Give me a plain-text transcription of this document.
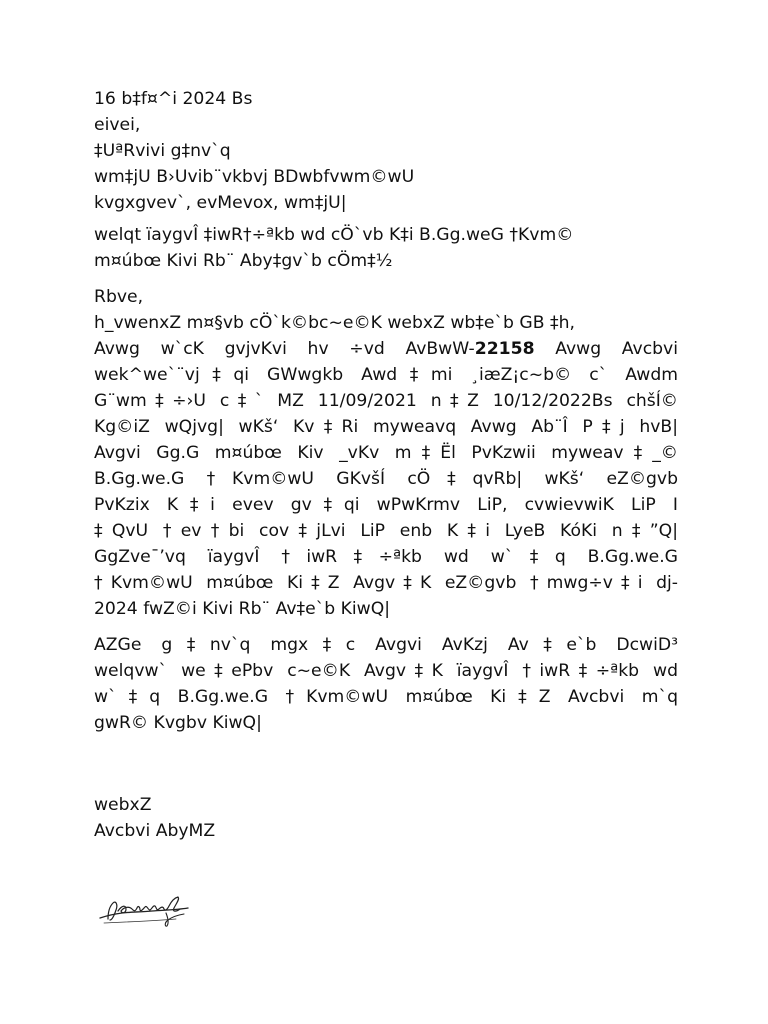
16 b‡f¤^i 2024 Bs
eivei,
‡UªRvivi g‡nv`q
wm‡jU B›Uvib¨vkbvj BDwbfvwm©wU
kvgxgvev`, evMevox, wm‡jU|
welqt ïaygvÎ ‡iwR†÷ªkb wd cÖ`vb K‡i B.Gg.weG †Kvm©
m¤úbœ Kivi Rb¨ Aby‡gv`b cÖm‡½
Rbve,
h_vwenxZ m¤§vb cÖ`k©bc~e©K webxZ wb‡e`b GB ‡h,
Avwg w`cK gvjvKvi hv ÷vd AvBwW-22158 Avwg Avcbvi
wek^we`¨vj‡qi GWwgkb Awd‡mi ¸iæZ¡c~b© c` Awdm
G¨wm‡÷›U c‡` MZ 11/09/2021 n‡Z 10/12/2022Bs chšÍ©
Kg©iZ wQjvg| wKš‘ Kv‡Ri myweavq Avwg Ab¨Î P‡j hvB|
Avgvi Gg.G m¤úbœ Kiv _vKv m‡Ël PvKzwii myweav‡_©
B.Gg.we.G †Kvm©wU GKvšÍ cÖ‡qvRb| wKš‘ eZ©gvb
PvKzix K‡i evev gv‡qi wPwKrmv LiP, cvwievwiK LiP I
‡QvU †ev†bi cov‡jLvi LiP enb K‡i LyeB KóKi n‡”Q|
GgZve¯’vq ïaygvÎ †iwR‡÷ªkb wd w`‡q B.Gg.we.G
†Kvm©wU m¤úbœ Ki‡Z Avgv‡K eZ©gvb †mwg÷v‡i dj-
2024 fwZ©i Kivi Rb¨ Av‡e`b KiwQ|
AZGe g‡nv`q mgx‡c Avgvi AvKzj Av‡e`b DcwiD³
welqvw` we‡ePbv c~e©K Avgv‡K ïaygvÎ †iwR‡÷ªkb wd
w`‡q B.Gg.we.G †Kvm©wU m¤úbœ Ki‡Z Avcbvi m`q
gwR© Kvgbv KiwQ|
webxZ
Avcbvi AbyMZ
